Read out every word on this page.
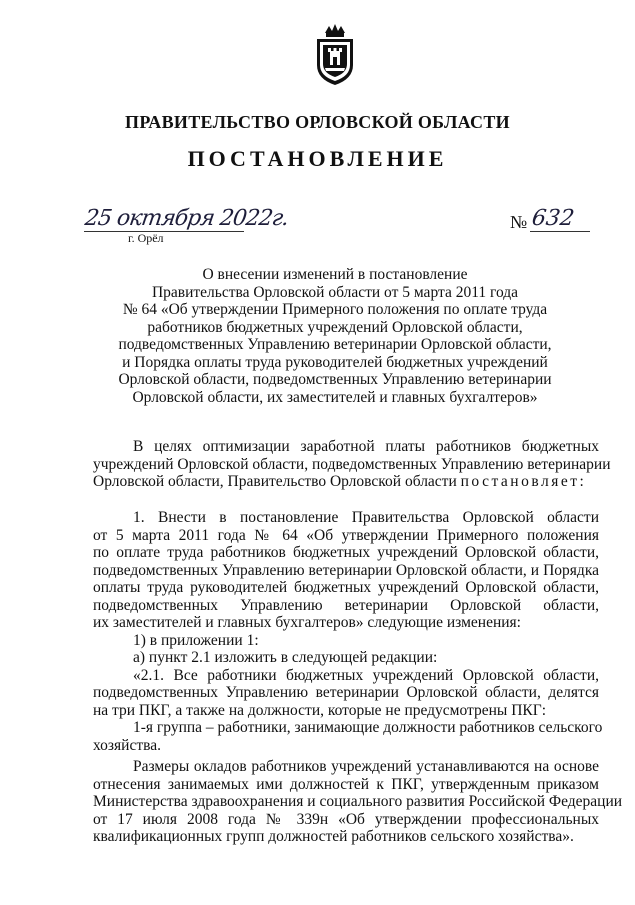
ПРАВИТЕЛЬСТВО ОРЛОВСКОЙ ОБЛАСТИ
ПОСТАНОВЛЕНИЕ
25 октября 2022г.
г. Орёл
№ 632
О внесении изменений в постановление
Правительства Орловской области от 5 марта 2011 года
№ 64 «Об утверждении Примерного положения по оплате труда
работников бюджетных учреждений Орловской области,
подведомственных Управлению ветеринарии Орловской области,
и Порядка оплаты труда руководителей бюджетных учреждений
Орловской области, подведомственных Управлению ветеринарии
Орловской области, их заместителей и главных бухгалтеров»
В целях оптимизации заработной платы работников бюджетных
учреждений Орловской области, подведомственных Управлению ветеринарии
Орловской области, Правительство Орловской области постановляет:
1. Внести в постановление Правительства Орловской области
от 5 марта 2011 года № 64 «Об утверждении Примерного положения
по оплате труда работников бюджетных учреждений Орловской области,
подведомственных Управлению ветеринарии Орловской области, и Порядка
оплаты труда руководителей бюджетных учреждений Орловской области,
подведомственных Управлению ветеринарии Орловской области,
их заместителей и главных бухгалтеров» следующие изменения:
1) в приложении 1:
а) пункт 2.1 изложить в следующей редакции:
«2.1. Все работники бюджетных учреждений Орловской области,
подведомственных Управлению ветеринарии Орловской области, делятся
на три ПКГ, а также на должности, которые не предусмотрены ПКГ:
1-я группа – работники, занимающие должности работников сельского
хозяйства.
Размеры окладов работников учреждений устанавливаются на основе
отнесения занимаемых ими должностей к ПКГ, утвержденным приказом
Министерства здравоохранения и социального развития Российской Федерации
от 17 июля 2008 года № 339н «Об утверждении профессиональных
квалификационных групп должностей работников сельского хозяйства».
